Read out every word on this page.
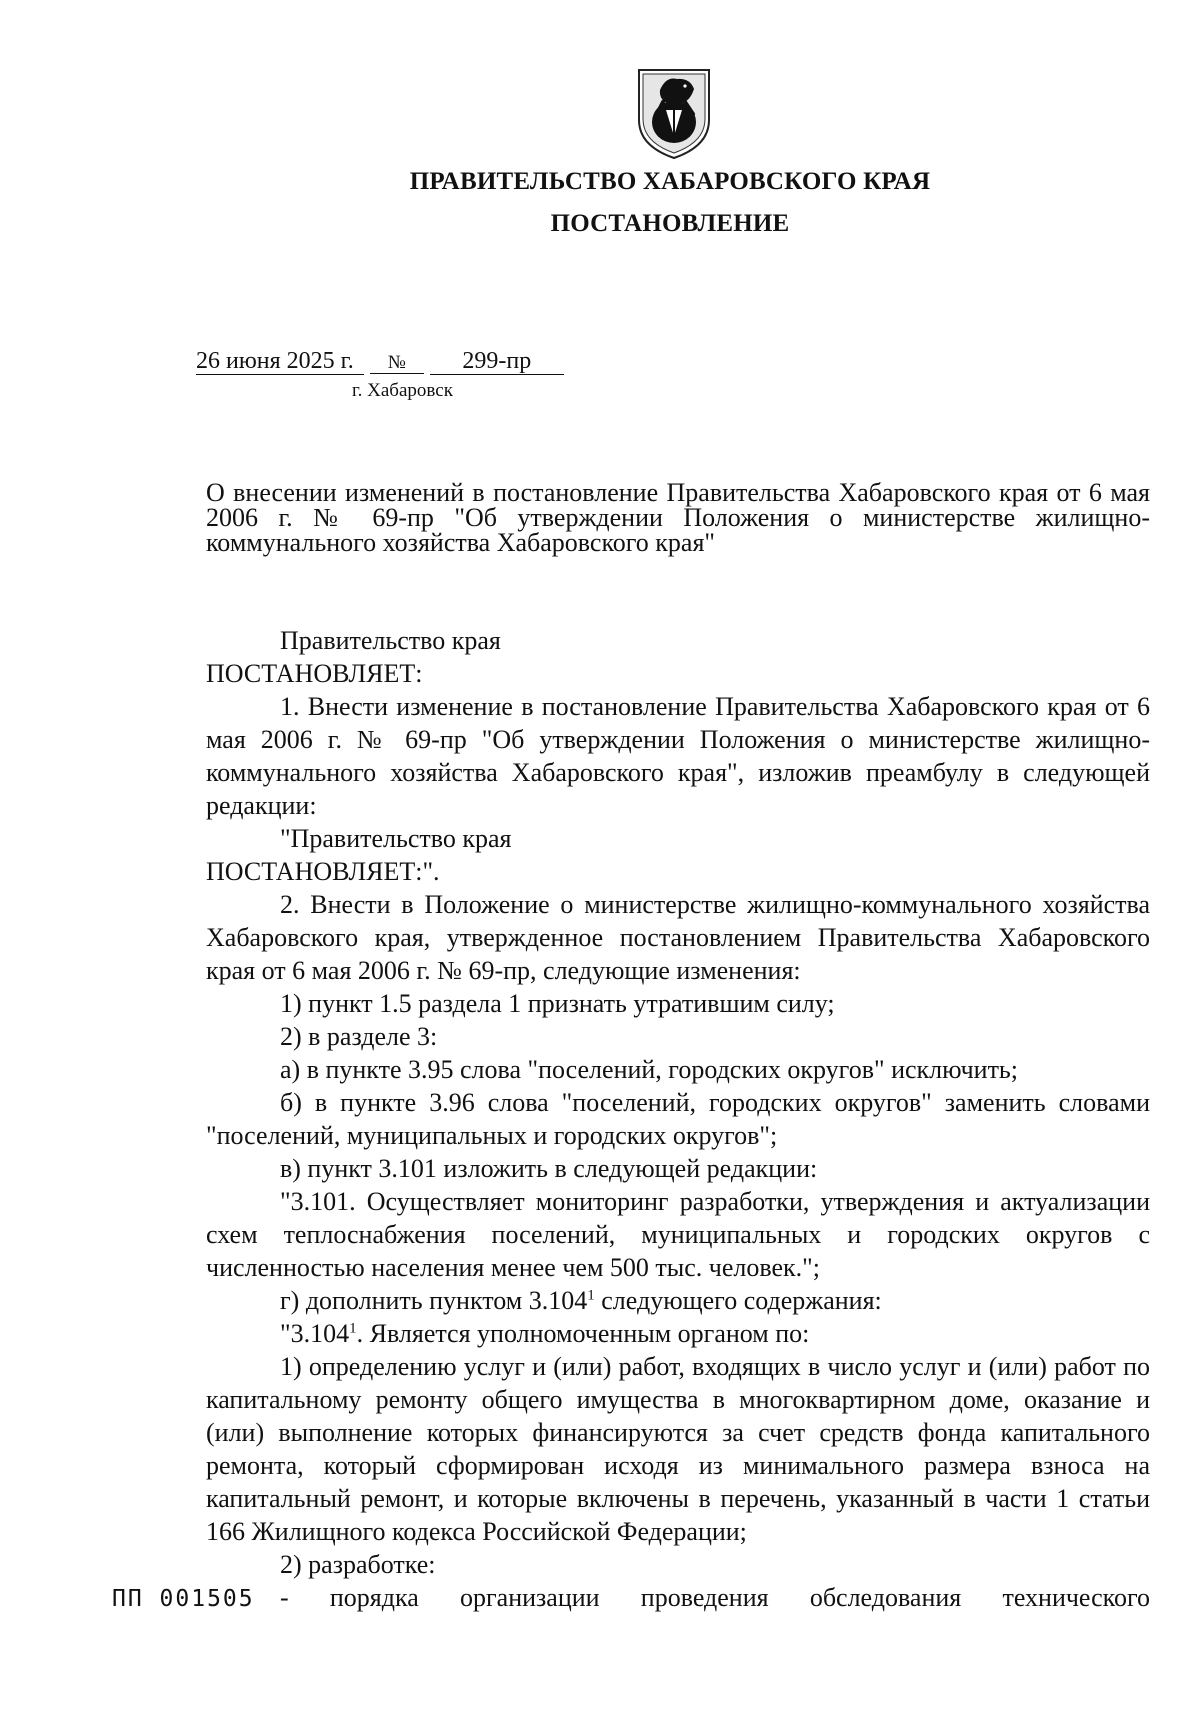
ПРАВИТЕЛЬСТВО ХАБАРОВСКОГО КРАЯ
ПОСТАНОВЛЕНИЕ
26 июня 2025 г. № 299-пр
г. Хабаровск
О внесении изменений в постановление Правительства Хабаровского края от 6 мая 2006 г. № 69-пр "Об утверждении Положения о министерстве жилищно-коммунального хозяйства Хабаровского края"

Правительство края

ПОСТАНОВЛЯЕТ:

1. Внести изменение в постановление Правительства Хабаровского края от 6 мая 2006 г. № 69-пр "Об утверждении Положения о министерстве жилищно-коммунального хозяйства Хабаровского края", изложив преамбулу в следующей редакции:

"Правительство края

ПОСТАНОВЛЯЕТ:".

2. Внести в Положение о министерстве жилищно-коммунального хозяйства Хабаровского края, утвержденное постановлением Правительства Хабаровского края от 6 мая 2006 г. № 69-пр, следующие изменения:

1) пункт 1.5 раздела 1 признать утратившим силу;

2) в разделе 3:

а) в пункте 3.95 слова "поселений, городских округов" исключить;

б) в пункте 3.96 слова "поселений, городских округов" заменить словами "поселений, муниципальных и городских округов";

в) пункт 3.101 изложить в следующей редакции:

"3.101. Осуществляет мониторинг разработки, утверждения и актуализации схем теплоснабжения поселений, муниципальных и городских округов с численностью населения менее чем 500 тыс. человек.";

г) дополнить пунктом 3.104$^1$ следующего содержания:

"3.104$^1$. Является уполномоченным органом по:

1) определению услуг и (или) работ, входящих в число услуг и (или) работ по капитальному ремонту общего имущества в многоквартирном доме, оказание и (или) выполнение которых финансируются за счет средств фонда капитального ремонта, который сформирован исходя из минимального размера взноса на капитальный ремонт, и которые включены в перечень, указанный в части 1 статьи 166 Жилищного кодекса Российской Федерации;

2) разработке:

- порядка организации проведения обследования технического

ПП 001505
